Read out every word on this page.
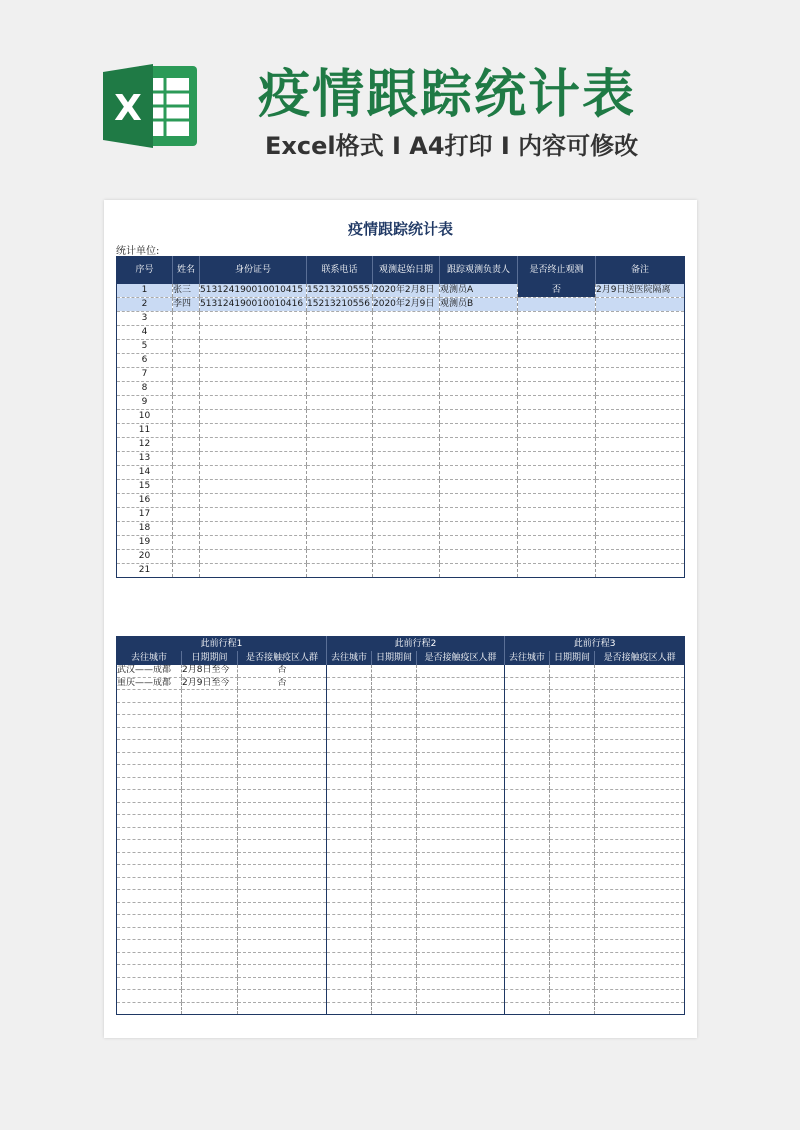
X 疫情跟踪统计表
Excel格式 Ⅰ A4打印 Ⅰ 内容可修改
疫情跟踪统计表
统计单位:
序号	姓名	身份证号	联系电话	观测起始日期	跟踪观测负责人	是否终止观测	备注
1	张三	513124190010010415	15213210555	2020年2月8日	观测员A	否	2月9日送医院隔离
2	李四	513124190010010416	15213210556	2020年2月9日	观测员B		
3							
4							
5							
6							
7							
8							
9							
10							
11							
12							
13							
14							
15							
16							
17							
18							
19							
20							
21							
此前行程1			此前行程2			此前行程3		
去往城市	日期期间	是否接触疫区人群	去往城市	日期期间	是否接触疫区人群	去往城市	日期期间	是否接触疫区人群
武汉——成都	2月8日至今	否						
重庆——成都	2月9日至今	否						
